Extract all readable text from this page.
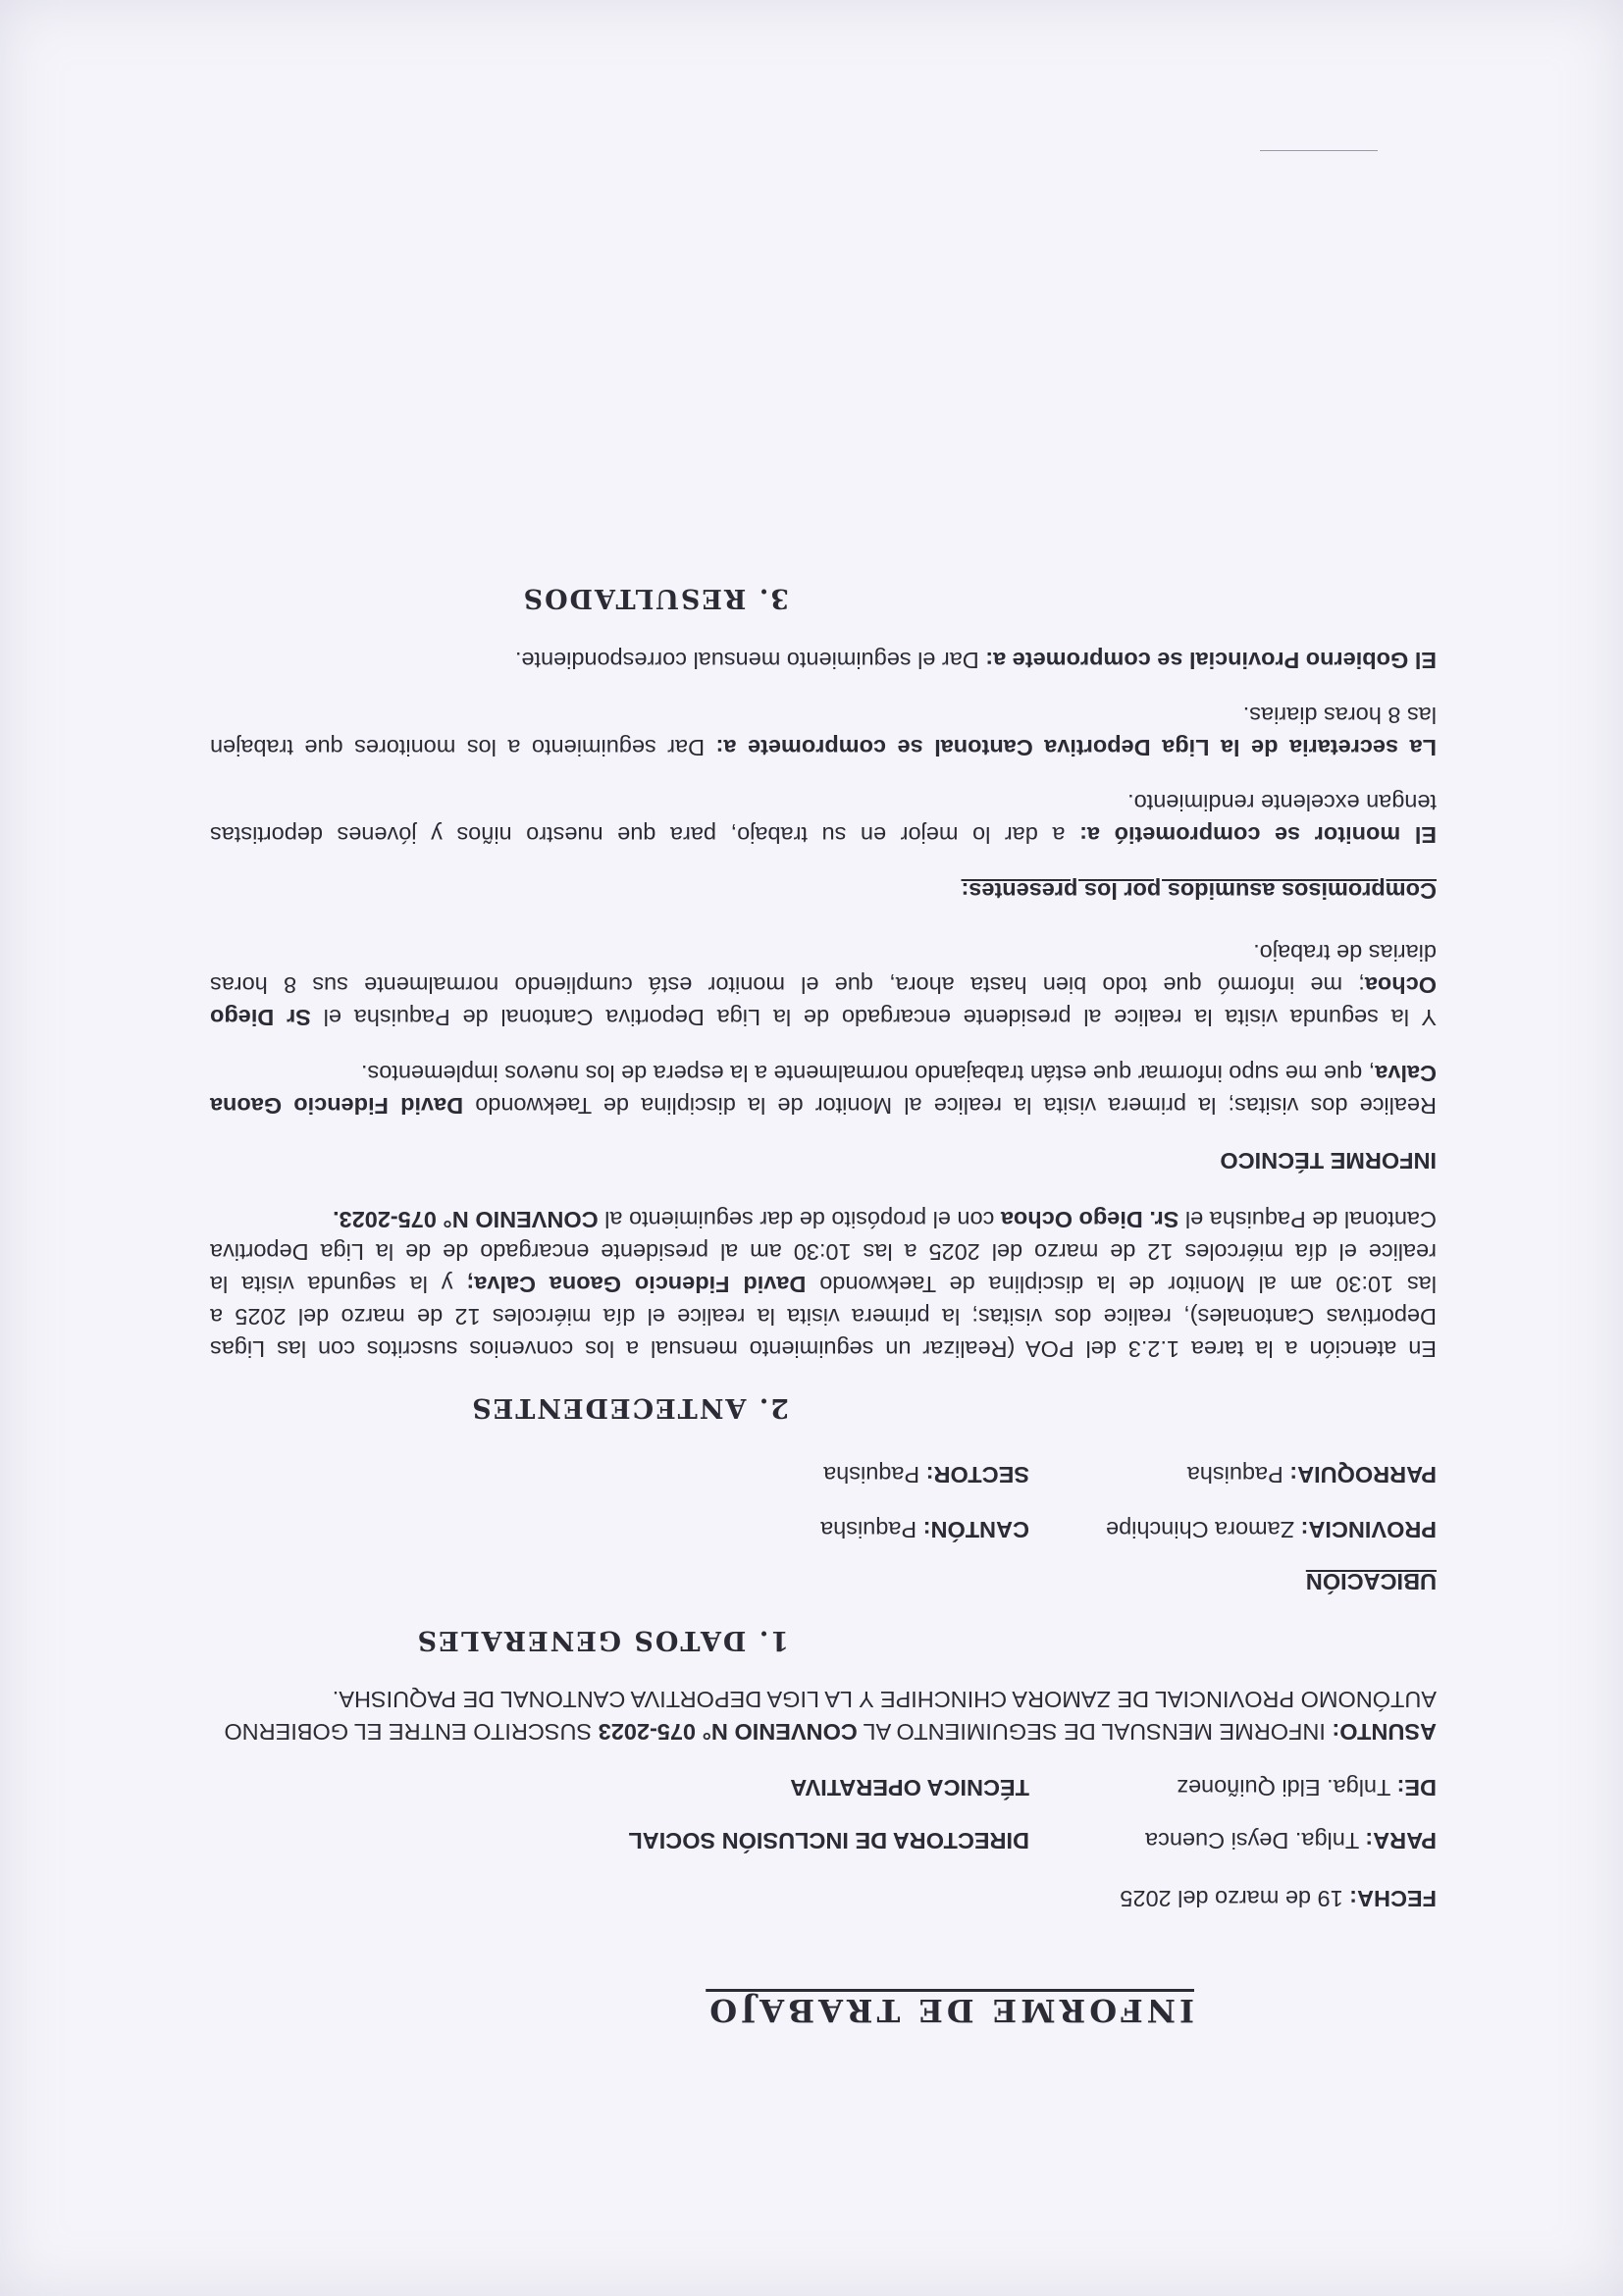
INFORME DE TRABAJO
FECHA: 19 de marzo del 2025
PARA: Tnlga. Deysi Cuenca
DIRECTORA DE INCLUSIÓN SOCIAL
DE: Tnlga. Eldi Quiñonez
TÉCNICA OPERATIVA
ASUNTO: INFORME MENSUAL DE SEGUIMIENTO AL CONVENIO N° 075-2023 SUSCRITO ENTRE EL GOBIERNO
AUTÓNOMO PROVINCIAL DE ZAMORA CHINCHIPE Y LA LIGA DEPORTIVA CANTONAL DE PAQUISHA.
1. DATOS GENERALES
UBICACIÓN
PROVINCIA: Zamora Chinchipe
CANTÓN: Paquisha
PARROQUIA: Paquisha
SECTOR: Paquisha
2. ANTECEDENTES
En atención a la tarea 1.2.3 del POA (Realizar un seguimiento mensual a los convenios suscritos con las Ligas
Deportivas Cantonales), realice dos visitas; la primera visita la realice el día miércoles 12 de marzo del 2025 a
las 10:30 am al Monitor de la disciplina de Taekwondo David Fidencio Gaona Calva; y la segunda visita la
realice el día miércoles 12 de marzo del 2025 a las 10:30 am al presidente encargado de de la Liga Deportiva
Cantonal de Paquisha el Sr. Diego Ochoa con el propósito de dar seguimiento al CONVENIO N° 075-2023.
INFORME TÉCNICO
Realice dos visitas; la primera visita la realice al Monitor de la disciplina de Taekwondo David Fidencio Gaona
Calva, que me supo informar que están trabajando normalmente a la espera de los nuevos implementos.
Y la segunda visita la realice al presidente encargado de la Liga Deportiva Cantonal de Paquisha el Sr Diego
Ochoa; me informó que todo bien hasta ahora, que el monitor está cumpliendo normalmente sus 8 horas
diarias de trabajo.
Compromisos asumidos por los presentes:
El monitor se comprometió a: a dar lo mejor en su trabajo, para que nuestro niños y jóvenes deportistas
tengan excelente rendimiento.
La secretaria de la Liga Deportiva Cantonal se compromete a: Dar seguimiento a los monitores que trabajen
las 8 horas diarias.
El Gobierno Provincial se compromete a: Dar el seguimiento mensual correspondiente.
3. RESULTADOS
